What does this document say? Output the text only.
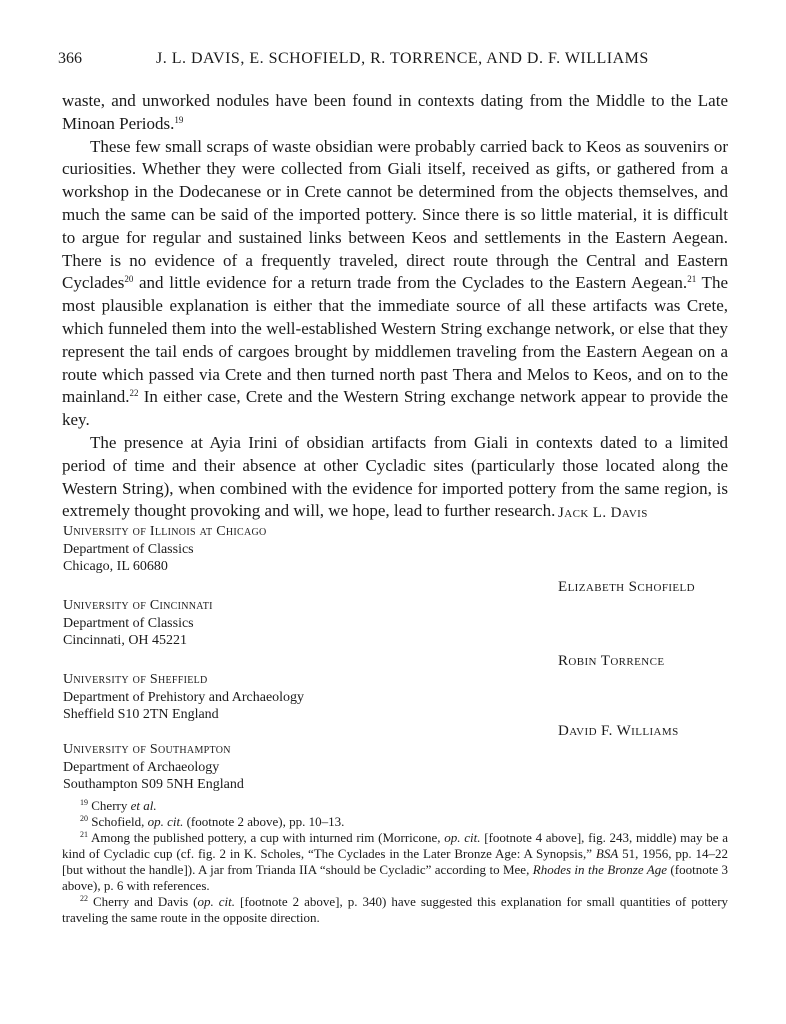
366	J. L. DAVIS, E. SCHOFIELD, R. TORRENCE, AND D. F. WILLIAMS

waste, and unworked nodules have been found in contexts dating from the Middle to the Late Minoan Periods.$^{19}$

These few small scraps of waste obsidian were probably carried back to Keos as souvenirs or curiosities. Whether they were collected from Giali itself, received as gifts, or gathered from a workshop in the Dodecanese or in Crete cannot be determined from the objects themselves, and much the same can be said of the imported pottery. Since there is so little material, it is difficult to argue for regular and sustained links between Keos and settlements in the Eastern Aegean. There is no evidence of a frequently traveled, direct route through the Central and Eastern Cyclades$^{20}$ and little evidence for a return trade from the Cyclades to the Eastern Aegean.$^{21}$ The most plausible explanation is either that the immediate source of all these artifacts was Crete, which funneled them into the well-established Western String exchange network, or else that they represent the tail ends of cargoes brought by middlemen traveling from the Eastern Aegean on a route which passed via Crete and then turned north past Thera and Melos to Keos, and on to the mainland.$^{22}$ In either case, Crete and the Western String exchange network appear to provide the key.

The presence at Ayia Irini of obsidian artifacts from Giali in contexts dated to a limited period of time and their absence at other Cycladic sites (particularly those located along the Western String), when combined with the evidence for imported pottery from the same region, is extremely thought provoking and will, we hope, lead to further research. Jack L. Davis
University of Illinois at Chicago
Department of Classics
Chicago, IL 60680
Elizabeth Schofield
University of Cincinnati
Department of Classics
Cincinnati, OH 45221
Robin Torrence
University of Sheffield
Department of Prehistory and Archaeology
Sheffield S10 2TN England
David F. Williams
University of Southampton
Department of Archaeology
Southampton S09 5NH England

$^{19}$ Cherry et al.

$^{20}$ Schofield, op. cit. (footnote 2 above), pp. 10–13.

$^{21}$ Among the published pottery, a cup with inturned rim (Morricone, op. cit. [footnote 4 above], fig. 243, middle) may be a kind of Cycladic cup (cf. fig. 2 in K. Scholes, “The Cyclades in the Later Bronze Age: A Synopsis,” BSA 51, 1956, pp. 14–22 [but without the handle]). A jar from Trianda IIA “should be Cycladic” according to Mee, Rhodes in the Bronze Age (footnote 3 above), p. 6 with references.

$^{22}$ Cherry and Davis (op. cit. [footnote 2 above], p. 340) have suggested this explanation for small quantities of pottery traveling the same route in the opposite direction.
